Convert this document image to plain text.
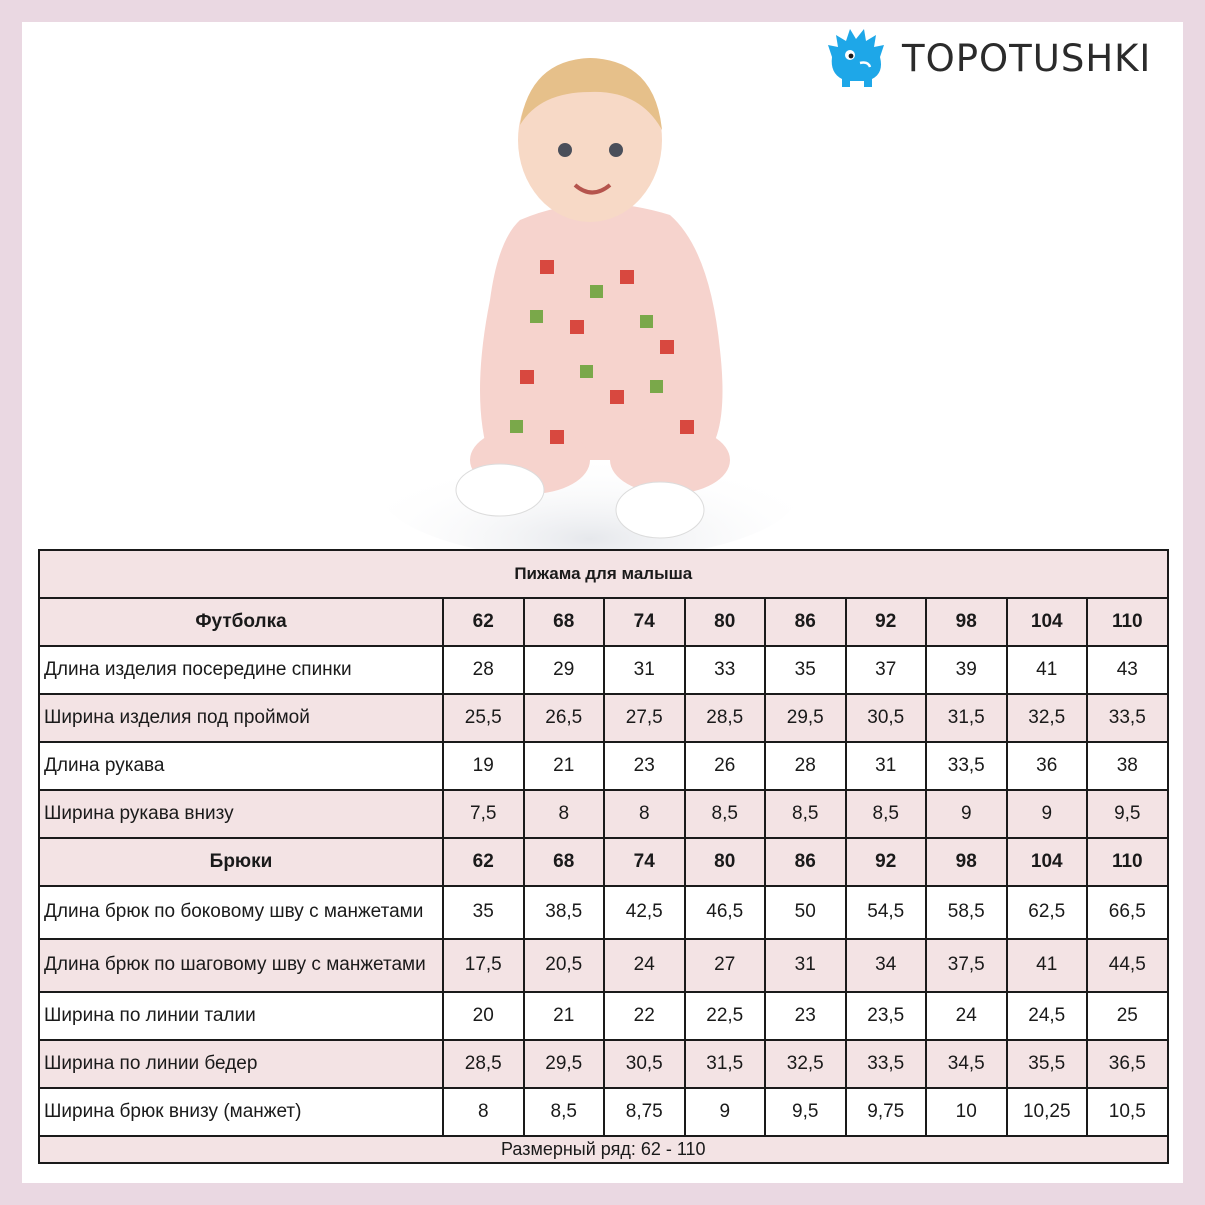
TOPOTUSHKI
Пижама для малыша									
Футболка	62	68	74	80	86	92	98	104	110
Длина изделия посередине спинки	28	29	31	33	35	37	39	41	43
Ширина изделия под проймой	25,5	26,5	27,5	28,5	29,5	30,5	31,5	32,5	33,5
Длина рукава	19	21	23	26	28	31	33,5	36	38
Ширина рукава внизу	7,5	8	8	8,5	8,5	8,5	9	9	9,5
Брюки	62	68	74	80	86	92	98	104	110
Длина брюк по боковому шву с манжетами	35	38,5	42,5	46,5	50	54,5	58,5	62,5	66,5
Длина брюк по шаговому шву с манжетами	17,5	20,5	24	27	31	34	37,5	41	44,5
Ширина по линии талии	20	21	22	22,5	23	23,5	24	24,5	25
Ширина по линии бедер	28,5	29,5	30,5	31,5	32,5	33,5	34,5	35,5	36,5
Ширина брюк внизу (манжет)	8	8,5	8,75	9	9,5	9,75	10	10,25	10,5
Размерный ряд: 62 - 110									
